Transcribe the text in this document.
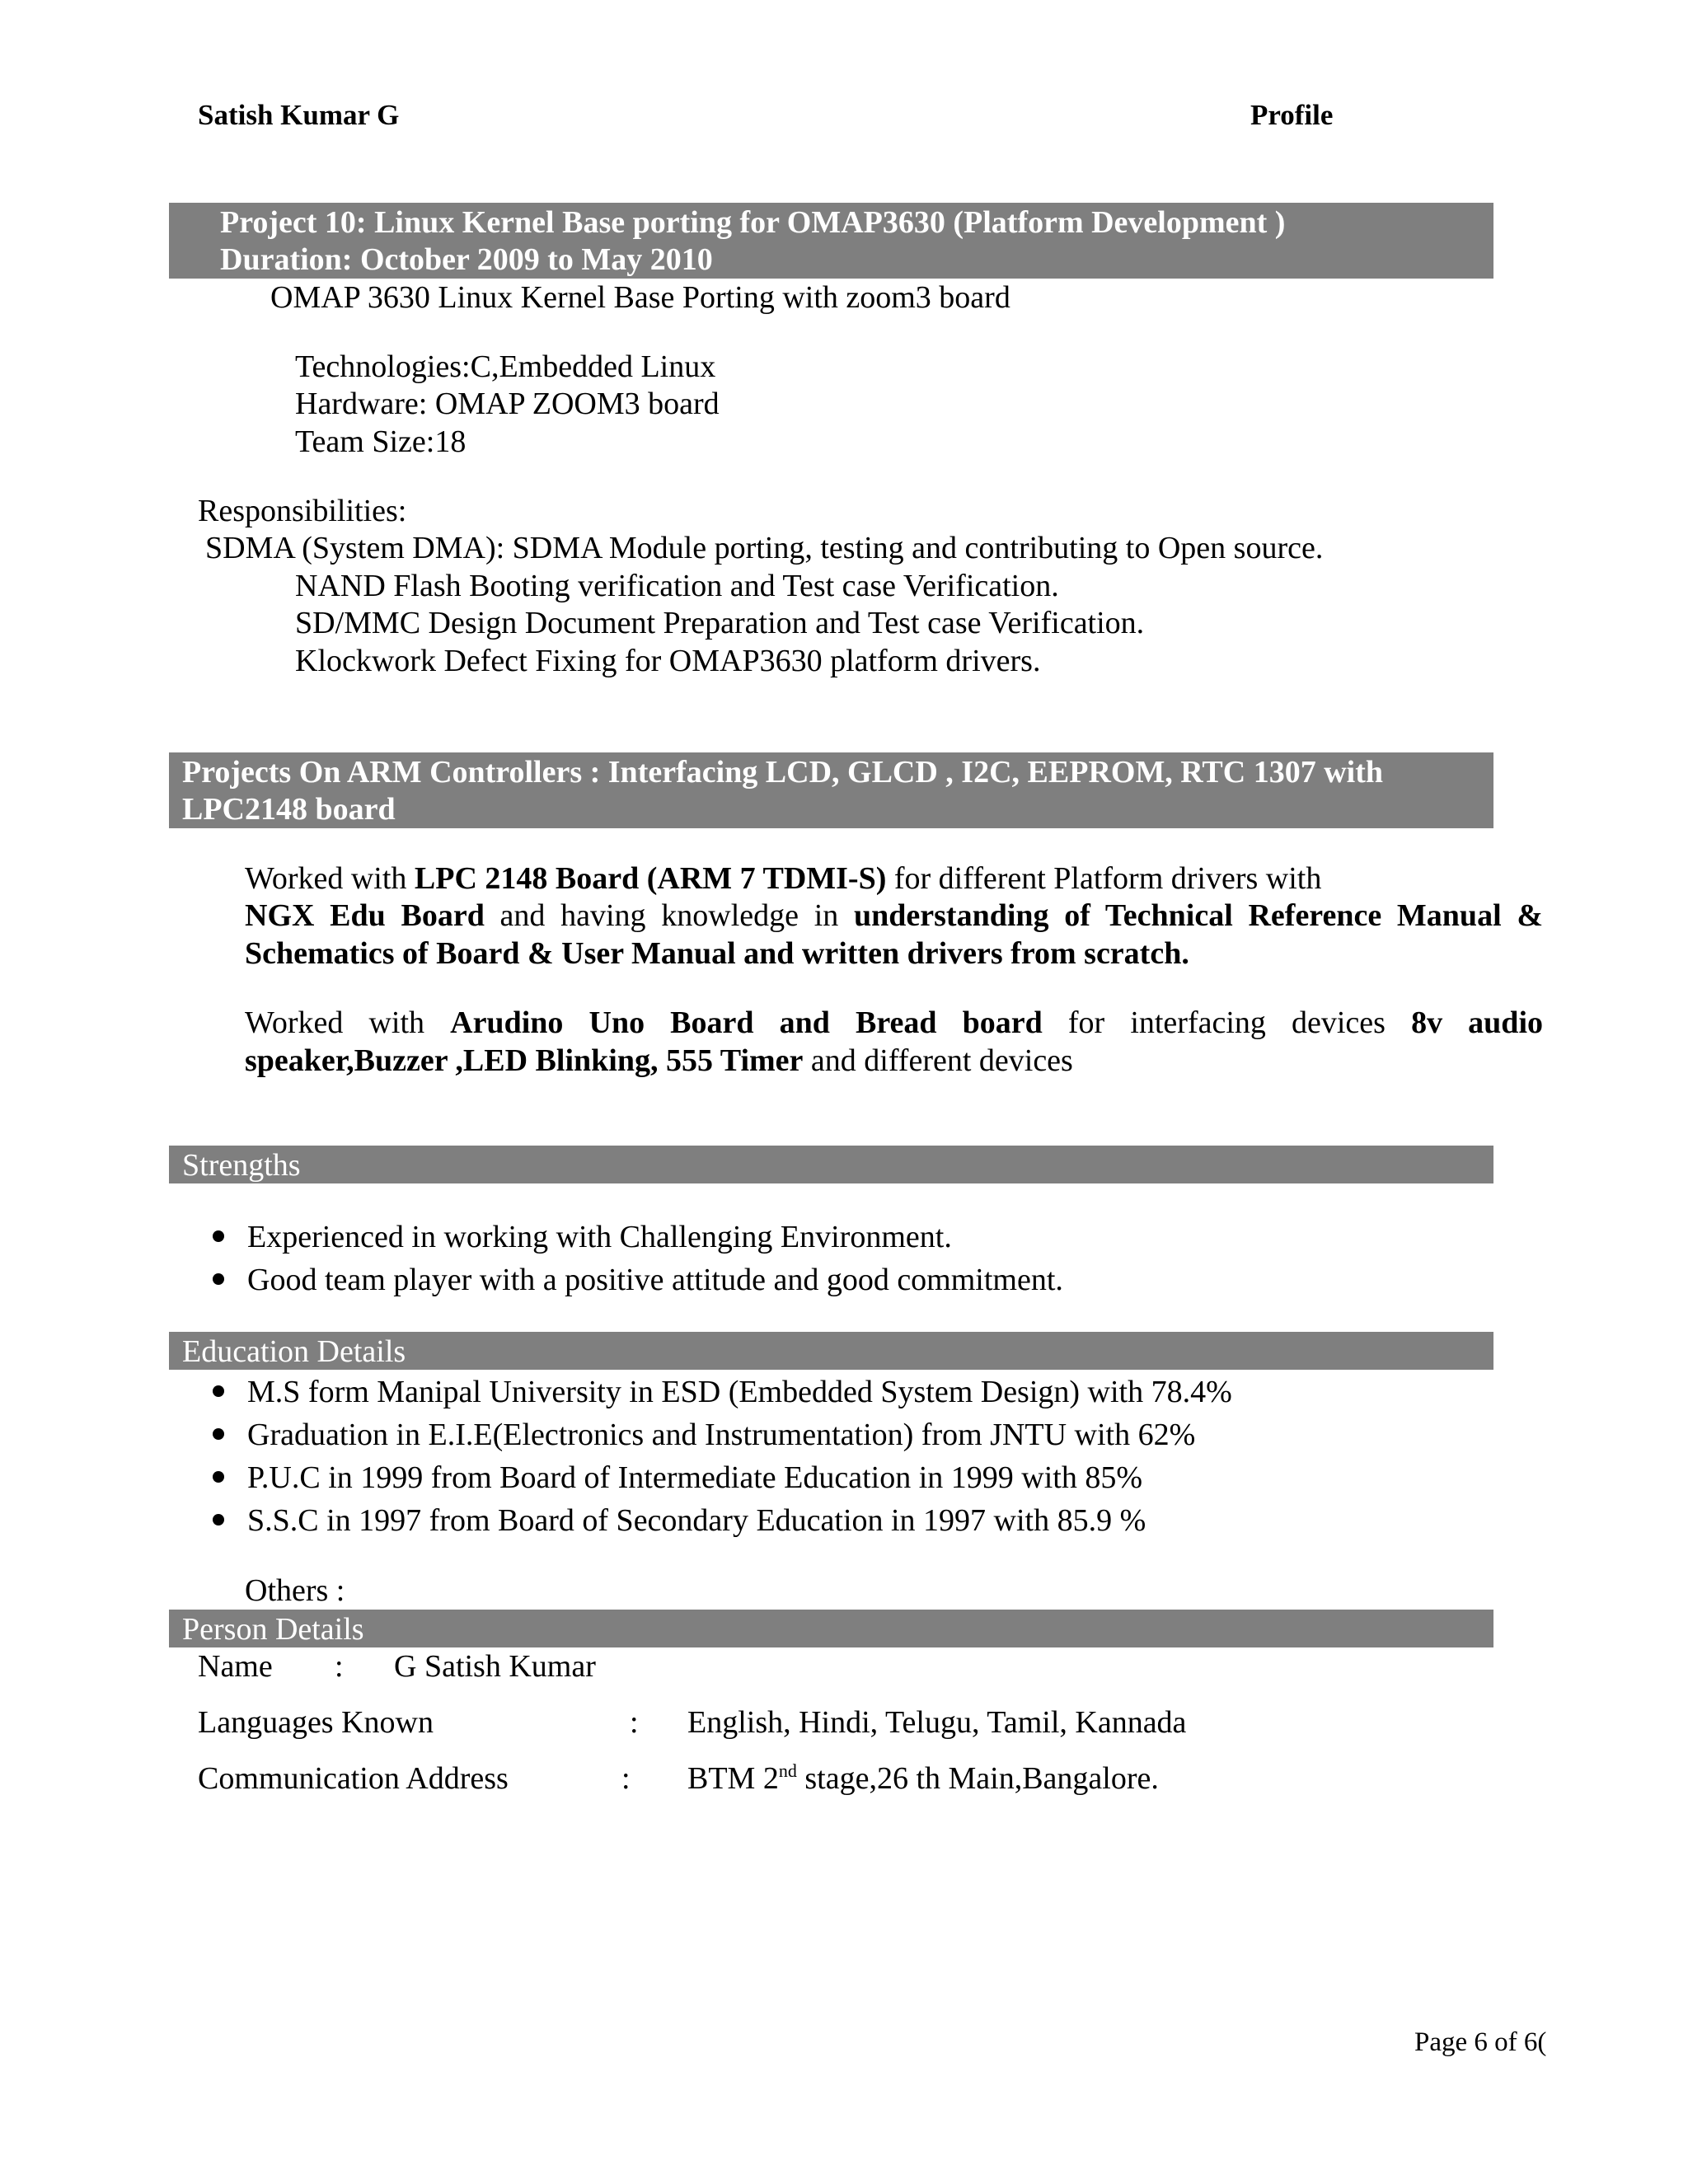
Satish Kumar G	Profile
Project 10: Linux Kernel Base porting for OMAP3630 (Platform Development )
Duration: October 2009 to May 2010
OMAP 3630 Linux Kernel Base Porting with zoom3 board
Technologies:C,Embedded Linux
Hardware: OMAP ZOOM3 board
Team Size:18
Responsibilities:
SDMA (System DMA): SDMA Module porting, testing and contributing to Open source.
NAND Flash Booting verification and Test case Verification.
SD/MMC Design Document Preparation and Test case Verification.
Klockwork Defect Fixing for OMAP3630 platform drivers.
Projects On ARM Controllers : Interfacing LCD, GLCD , I2C, EEPROM, RTC 1307 with
LPC2148 board
Worked with LPC 2148 Board (ARM 7 TDMI-S) for different Platform drivers with
NGX Edu Board and having knowledge in understanding of Technical Reference Manual &
Schematics of Board & User Manual and written drivers from scratch.
Worked with Arudino Uno Board and Bread board for interfacing devices 8v audio
speaker,Buzzer ,LED Blinking, 555 Timer and different devices
Strengths
Experienced in working with Challenging Environment.
Good team player with a positive attitude and good commitment.
Education Details
M.S form Manipal University in ESD (Embedded System Design) with 78.4%
Graduation in E.I.E(Electronics and Instrumentation) from JNTU with 62%
P.U.C in 1999 from Board of Intermediate Education in 1999 with 85%
S.S.C in 1997 from Board of Secondary Education in 1997 with 85.9 %
Others :
Person Details
Name : G Satish Kumar
Languages Known	: English, Hindi, Telugu, Tamil, Kannada
Communication Address	: BTM 2nd stage,26 th Main,Bangalore.
Page 6 of 6(
